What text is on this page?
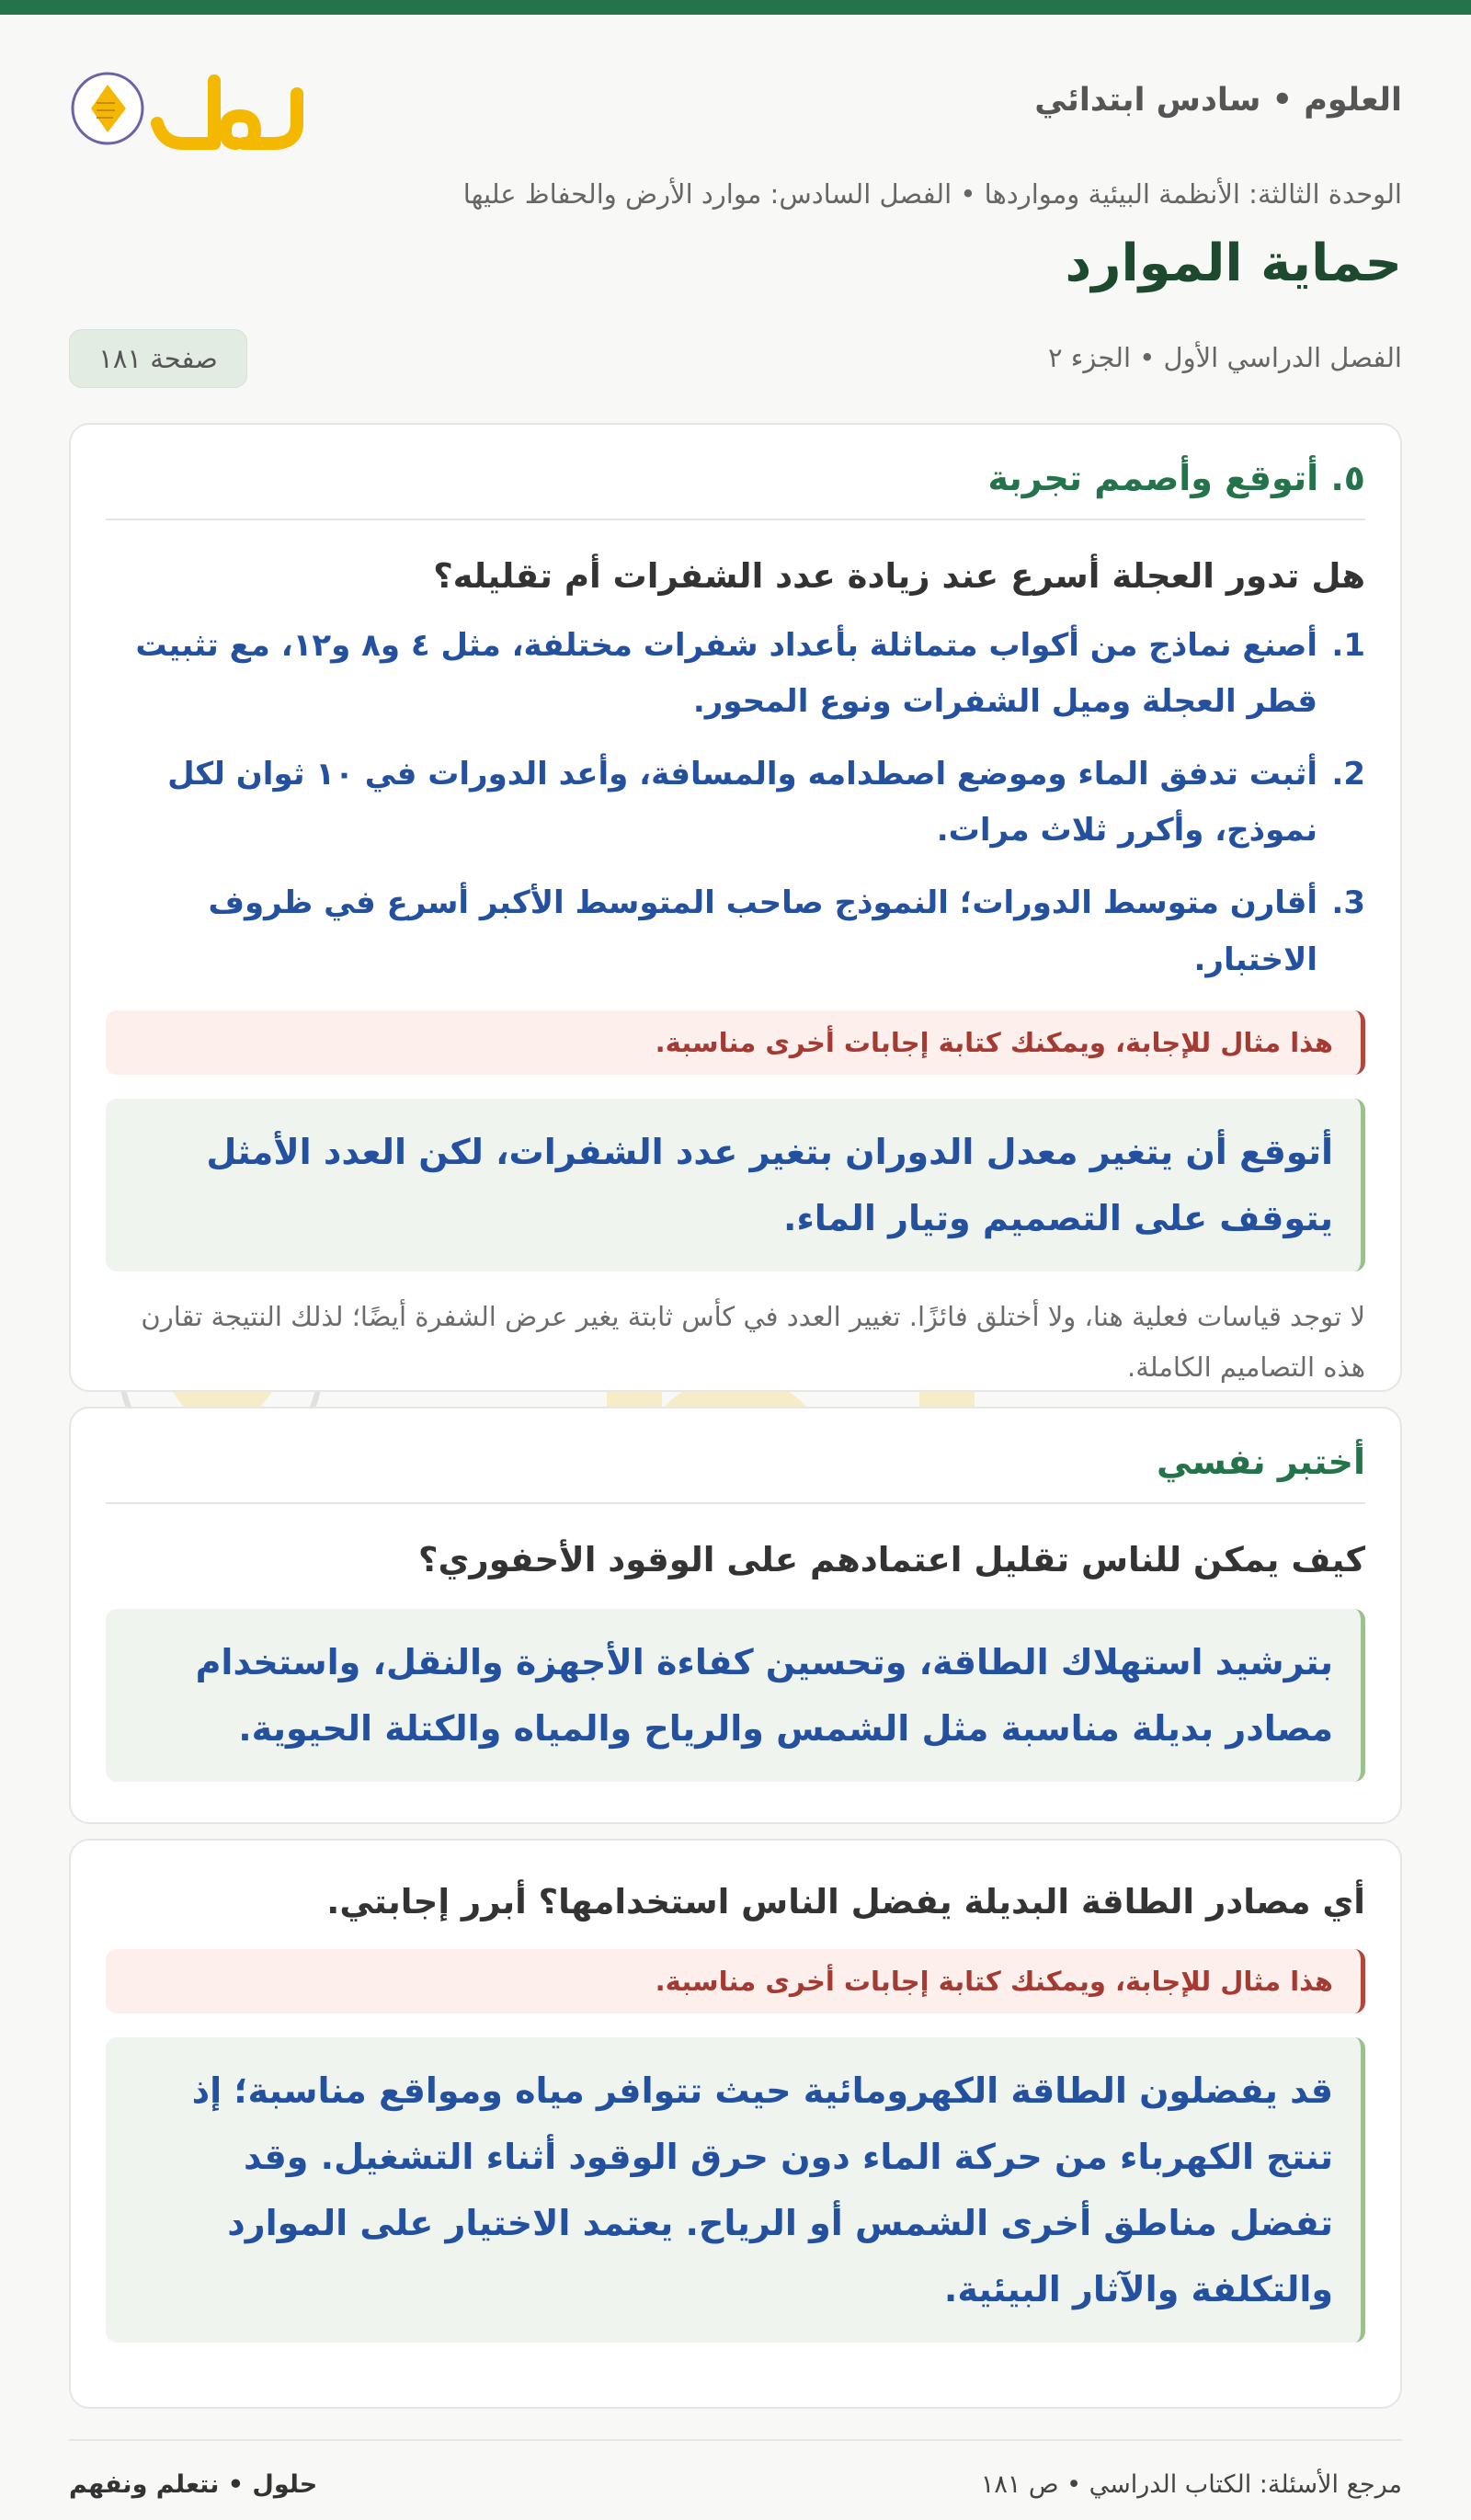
العلوم • سادس ابتدائي
حلول
الوحدة الثالثة: الأنظمة البيئية ومواردها • الفصل السادس: موارد الأرض والحفاظ عليها
حماية الموارد
الفصل الدراسي الأول • الجزء ٢
صفحة ١٨١
٥. أتوقع وأصمم تجربة
هل تدور العجلة أسرع عند زيادة عدد الشفرات أم تقليله؟
1.
أصنع نماذج من أكواب متماثلة بأعداد شفرات مختلفة، مثل ٤ و٨ و١٢، مع تثبيت قطر العجلة وميل الشفرات ونوع المحور.
2.
أثبت تدفق الماء وموضع اصطدامه والمسافة، وأعد الدورات في ١٠ ثوان لكل نموذج، وأكرر ثلاث مرات.
3.
أقارن متوسط الدورات؛ النموذج صاحب المتوسط الأكبر أسرع في ظروف الاختبار.
هذا مثال للإجابة، ويمكنك كتابة إجابات أخرى مناسبة.
أتوقع أن يتغير معدل الدوران بتغير عدد الشفرات، لكن العدد الأمثل يتوقف على التصميم وتيار الماء.
لا توجد قياسات فعلية هنا، ولا أختلق فائزًا. تغيير العدد في كأس ثابتة يغير عرض الشفرة أيضًا؛ لذلك النتيجة تقارن هذه التصاميم الكاملة.
أختبر نفسي
كيف يمكن للناس تقليل اعتمادهم على الوقود الأحفوري؟
بترشيد استهلاك الطاقة، وتحسين كفاءة الأجهزة والنقل، واستخدام مصادر بديلة مناسبة مثل الشمس والرياح والمياه والكتلة الحيوية.
أي مصادر الطاقة البديلة يفضل الناس استخدامها؟ أبرر إجابتي.
هذا مثال للإجابة، ويمكنك كتابة إجابات أخرى مناسبة.
قد يفضلون الطاقة الكهرومائية حيث تتوافر مياه ومواقع مناسبة؛ إذ تنتج الكهرباء من حركة الماء دون حرق الوقود أثناء التشغيل. وقد تفضل مناطق أخرى الشمس أو الرياح. يعتمد الاختيار على الموارد والتكلفة والآثار البيئية.
مرجع الأسئلة: الكتاب الدراسي • ص ١٨١
حلول • نتعلم ونفهم
